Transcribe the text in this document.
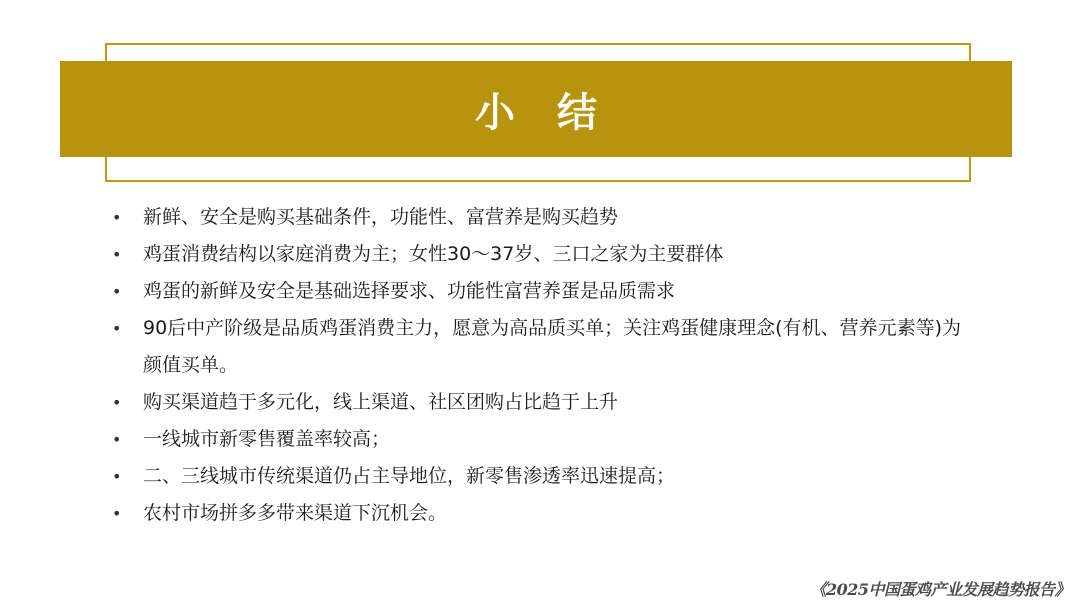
小 结
• 新鲜、安全是购买基础条件，功能性、富营养是购买趋势
• 鸡蛋消费结构以家庭消费为主；女性30～37岁、三口之家为主要群体
• 鸡蛋的新鲜及安全是基础选择要求、功能性富营养蛋是品质需求
• 90后中产阶级是品质鸡蛋消费主力，愿意为高品质买单；关注鸡蛋健康理念(有机、营养元素等)为颜值买单。
• 购买渠道趋于多元化，线上渠道、社区团购占比趋于上升
• 一线城市新零售覆盖率较高；
• 二、三线城市传统渠道仍占主导地位，新零售渗透率迅速提高；
• 农村市场拼多多带来渠道下沉机会。
《2025中国蛋鸡产业发展趋势报告》
